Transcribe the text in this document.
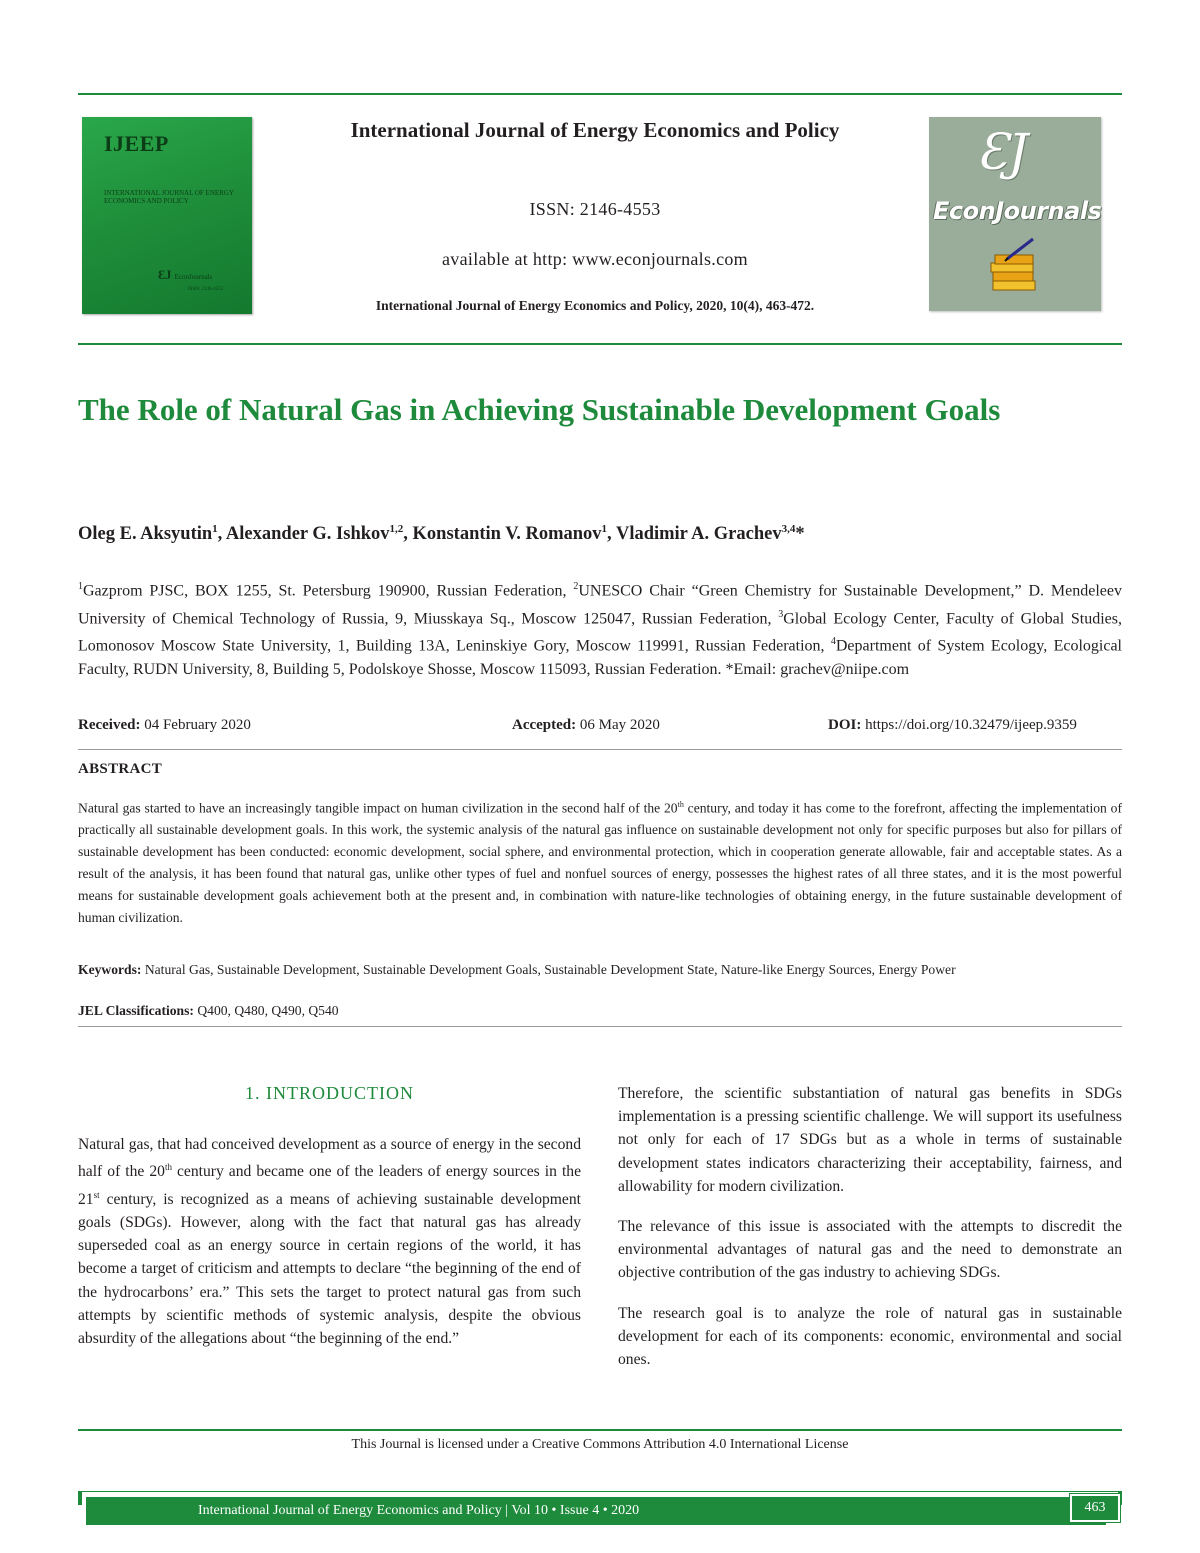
IJEEP
INTERNATIONAL JOURNAL OF ENERGY ECONOMICS AND POLICY
ƐJ EconJournals
ISSN: 2146-4553
International Journal of Energy Economics and Policy
ISSN: 2146-4553
available at http: www.econjournals.com
International Journal of Energy Economics and Policy, 2020, 10(4), 463-472.
ƐJ
EconJournals
The Role of Natural Gas in Achieving Sustainable Development Goals
Oleg E. Aksyutin$^1$, Alexander G. Ishkov$^{1,2}$, Konstantin V. Romanov$^1$, Vladimir A. Grachev$^{3,4}$*
$^1$Gazprom PJSC, BOX 1255, St. Petersburg 190900, Russian Federation, $^2$UNESCO Chair “Green Chemistry for Sustainable Development,” D. Mendeleev University of Chemical Technology of Russia, 9, Miusskaya Sq., Moscow 125047, Russian Federation, $^3$Global Ecology Center, Faculty of Global Studies, Lomonosov Moscow State University, 1, Building 13A, Leninskiye Gory, Moscow 119991, Russian Federation, $^4$Department of System Ecology, Ecological Faculty, RUDN University, 8, Building 5, Podolskoye Shosse, Moscow 115093, Russian Federation. *Email: grachev@niipe.com
Received: 04 February 2020	Accepted: 06 May 2020	DOI: https://doi.org/10.32479/ijeep.9359
ABSTRACT
Natural gas started to have an increasingly tangible impact on human civilization in the second half of the 20th century, and today it has come to the forefront, affecting the implementation of practically all sustainable development goals. In this work, the systemic analysis of the natural gas influence on sustainable development not only for specific purposes but also for pillars of sustainable development has been conducted: economic development, social sphere, and environmental protection, which in cooperation generate allowable, fair and acceptable states. As a result of the analysis, it has been found that natural gas, unlike other types of fuel and nonfuel sources of energy, possesses the highest rates of all three states, and it is the most powerful means for sustainable development goals achievement both at the present and, in combination with nature-like technologies of obtaining energy, in the future sustainable development of human civilization.
Keywords: Natural Gas, Sustainable Development, Sustainable Development Goals, Sustainable Development State, Nature-like Energy Sources, Energy Power
JEL Classifications: Q400, Q480, Q490, Q540
1. INTRODUCTION

Natural gas, that had conceived development as a source of energy in the second half of the 20th century and became one of the leaders of energy sources in the 21st century, is recognized as a means of achieving sustainable development goals (SDGs). However, along with the fact that natural gas has already superseded coal as an energy source in certain regions of the world, it has become a target of criticism and attempts to declare “the beginning of the end of the hydrocarbons’ era.” This sets the target to protect natural gas from such attempts by scientific methods of systemic analysis, despite the obvious absurdity of the allegations about “the beginning of the end.”

Therefore, the scientific substantiation of natural gas benefits in SDGs implementation is a pressing scientific challenge. We will support its usefulness not only for each of 17 SDGs but as a whole in terms of sustainable development states indicators characterizing their acceptability, fairness, and allowability for modern civilization.

The relevance of this issue is associated with the attempts to discredit the environmental advantages of natural gas and the need to demonstrate an objective contribution of the gas industry to achieving SDGs.

The research goal is to analyze the role of natural gas in sustainable development for each of its components: economic, environmental and social ones.

This Journal is licensed under a Creative Commons Attribution 4.0 International License
International Journal of Energy Economics and Policy | Vol 10 • Issue 4 • 2020	463
